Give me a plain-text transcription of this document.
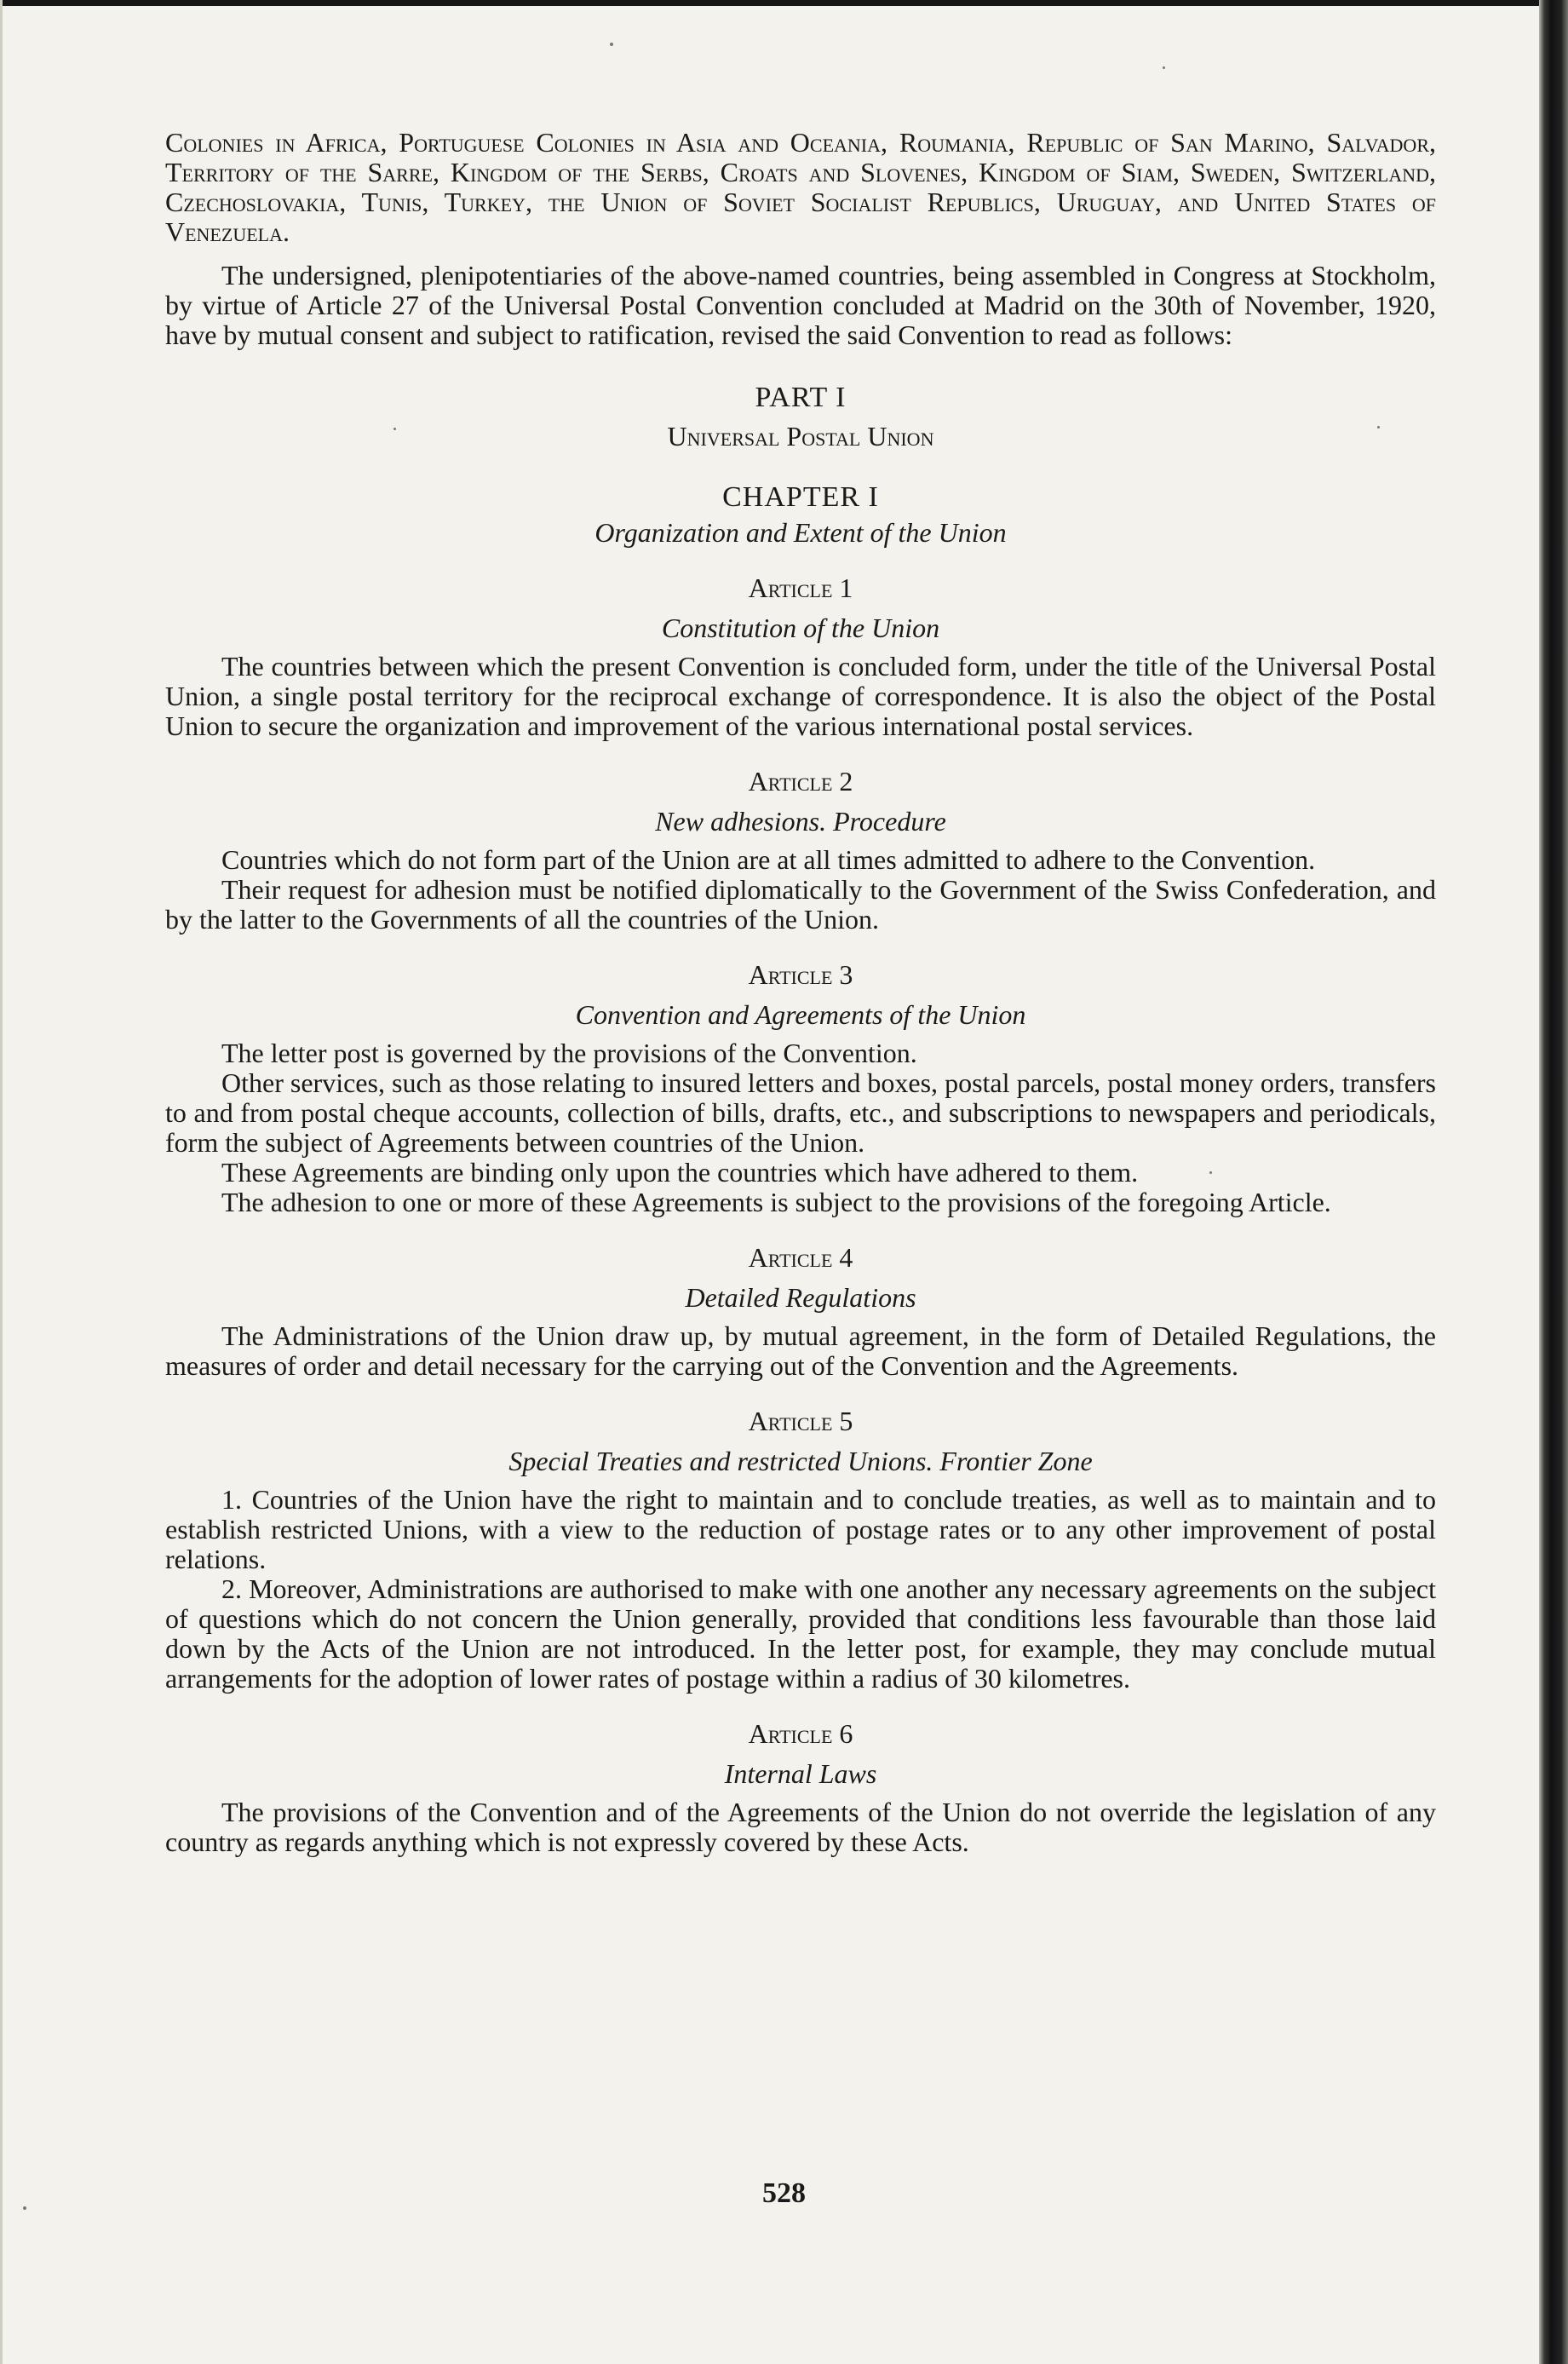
Colonies in Africa, Portuguese Colonies in Asia and Oceania, Roumania, Republic of San Marino, Salvador, Territory of the Sarre, Kingdom of the Serbs, Croats and Slovenes, Kingdom of Siam, Sweden, Switzerland, Czechoslovakia, Tunis, Turkey, the Union of Soviet Socialist Republics, Uruguay, and United States of Venezuela.

The undersigned, plenipotentiaries of the above-named countries, being assembled in Congress at Stockholm, by virtue of Article 27 of the Universal Postal Convention concluded at Madrid on the 30th of November, 1920, have by mutual consent and subject to ratification, revised the said Convention to read as follows:

PART I

Universal Postal Union

CHAPTER I

Organization and Extent of the Union

Article 1

Constitution of the Union

The countries between which the present Convention is concluded form, under the title of the Universal Postal Union, a single postal territory for the reciprocal exchange of correspondence. It is also the object of the Postal Union to secure the organization and improvement of the various international postal services.

Article 2

New adhesions. Procedure

Countries which do not form part of the Union are at all times admitted to adhere to the Convention.

Their request for adhesion must be notified diplomatically to the Government of the Swiss Confederation, and by the latter to the Governments of all the countries of the Union.

Article 3

Convention and Agreements of the Union

The letter post is governed by the provisions of the Convention.

Other services, such as those relating to insured letters and boxes, postal parcels, postal money orders, transfers to and from postal cheque accounts, collection of bills, drafts, etc., and subscriptions to newspapers and periodicals, form the subject of Agreements between countries of the Union.

These Agreements are binding only upon the countries which have adhered to them.

The adhesion to one or more of these Agreements is subject to the provisions of the foregoing Article.

Article 4

Detailed Regulations

The Administrations of the Union draw up, by mutual agreement, in the form of Detailed Regulations, the measures of order and detail necessary for the carrying out of the Convention and the Agreements.

Article 5

Special Treaties and restricted Unions. Frontier Zone

1. Countries of the Union have the right to maintain and to conclude treaties, as well as to maintain and to establish restricted Unions, with a view to the reduction of postage rates or to any other improvement of postal relations.

2. Moreover, Administrations are authorised to make with one another any necessary agreements on the subject of questions which do not concern the Union generally, provided that conditions less favourable than those laid down by the Acts of the Union are not introduced. In the letter post, for example, they may conclude mutual arrangements for the adoption of lower rates of postage within a radius of 30 kilometres.

Article 6

Internal Laws

The provisions of the Convention and of the Agreements of the Union do not override the legislation of any country as regards anything which is not expressly covered by these Acts.

528
